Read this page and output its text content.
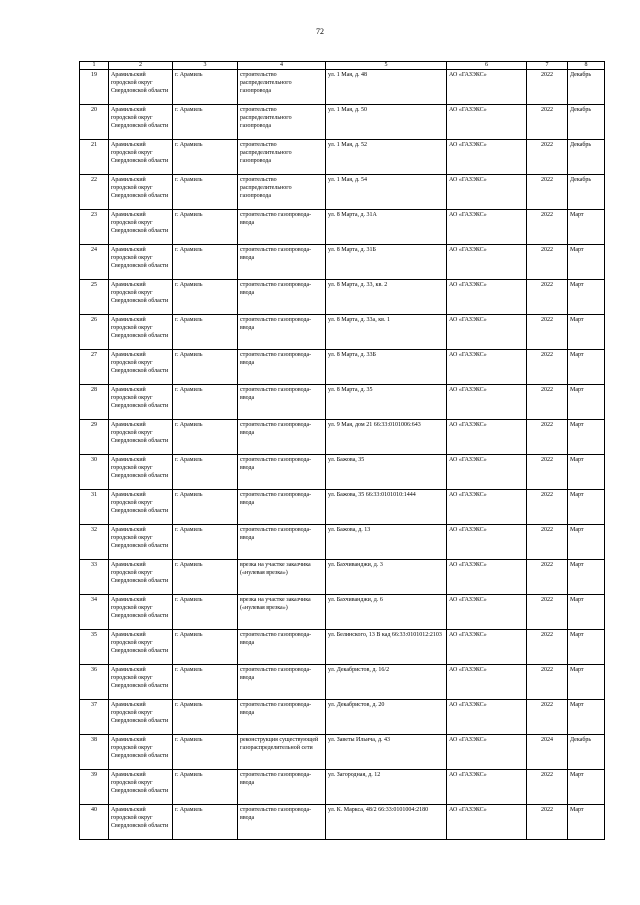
72
1	2	3	4	5	6	7	8
19	Арамильский городской округ Свердловской области	г. Арамиль	строительство распределительного газопровода	ул. 1 Мая, д. 48	АО «ГАЗЭКС»	2022	Декабрь
20	Арамильский городской округ Свердловской области	г. Арамиль	строительство распределительного газопровода	ул. 1 Мая, д. 50	АО «ГАЗЭКС»	2022	Декабрь
21	Арамильский городской округ Свердловской области	г. Арамиль	строительство распределительного газопровода	ул. 1 Мая, д. 52	АО «ГАЗЭКС»	2022	Декабрь
22	Арамильский городской округ Свердловской области	г. Арамиль	строительство распределительного газопровода	ул. 1 Мая, д. 54	АО «ГАЗЭКС»	2022	Декабрь
23	Арамильский городской округ Свердловской области	г. Арамиль	строительство газопровода-ввода	ул. 8 Марта, д. 31А	АО «ГАЗЭКС»	2022	Март
24	Арамильский городской округ Свердловской области	г. Арамиль	строительство газопровода-ввода	ул. 8 Марта, д. 31Б	АО «ГАЗЭКС»	2022	Март
25	Арамильский городской округ Свердловской области	г. Арамиль	строительство газопровода-ввода	ул. 8 Марта, д. 33, кв. 2	АО «ГАЗЭКС»	2022	Март
26	Арамильский городской округ Свердловской области	г. Арамиль	строительство газопровода-ввода	ул. 8 Марта, д. 33а, кв. 1	АО «ГАЗЭКС»	2022	Март
27	Арамильский городской округ Свердловской области	г. Арамиль	строительство газопровода-ввода	ул. 8 Марта, д. 33Б	АО «ГАЗЭКС»	2022	Март
28	Арамильский городской округ Свердловской области	г. Арамиль	строительство газопровода-ввода	ул. 8 Марта, д. 35	АО «ГАЗЭКС»	2022	Март
29	Арамильский городской округ Свердловской области	г. Арамиль	строительство газопровода-ввода	ул. 9 Мая, дом 21 66:33:0101006:643	АО «ГАЗЭКС»	2022	Март
30	Арамильский городской округ Свердловской области	г. Арамиль	строительство газопровода-ввода	ул. Бажова, 35	АО «ГАЗЭКС»	2022	Март
31	Арамильский городской округ Свердловской области	г. Арамиль	строительство газопровода-ввода	ул. Бажова, 35 66:33:0101010:1444	АО «ГАЗЭКС»	2022	Март
32	Арамильский городской округ Свердловской области	г. Арамиль	строительство газопровода-ввода	ул. Бажова, д. 13	АО «ГАЗЭКС»	2022	Март
33	Арамильский городской округ Свердловской области	г. Арамиль	врезка на участке заказчика («нулевая врезка»)	ул. Бахчиванджи, д. 3	АО «ГАЗЭКС»	2022	Март
34	Арамильский городской округ Свердловской области	г. Арамиль	врезка на участке заказчика («нулевая врезка»)	ул. Бахчиванджи, д. 6	АО «ГАЗЭКС»	2022	Март
35	Арамильский городской округ Свердловской области	г. Арамиль	строительство газопровода-ввода	ул. Белинского, 13 В кад 66:33:0101012:2103	АО «ГАЗЭКС»	2022	Март
36	Арамильский городской округ Свердловской области	г. Арамиль	строительство газопровода-ввода	ул. Декабристов, д. 16/2	АО «ГАЗЭКС»	2022	Март
37	Арамильский городской округ Свердловской области	г. Арамиль	строительство газопровода-ввода	ул. Декабристов, д. 20	АО «ГАЗЭКС»	2022	Март
38	Арамильский городской округ Свердловской области	г. Арамиль	реконструкция существующей газораспределительной сети	ул. Заветы Ильича, д. 43	АО «ГАЗЭКС»	2024	Декабрь
39	Арамильский городской округ Свердловской области	г. Арамиль	строительство газопровода-ввода	ул. Загородная, д. 12	АО «ГАЗЭКС»	2022	Март
40	Арамильский городской округ Свердловской области	г. Арамиль	строительство газопровода-ввода	ул. К. Маркса, 48/2 66:33:0101004:2180	АО «ГАЗЭКС»	2022	Март
